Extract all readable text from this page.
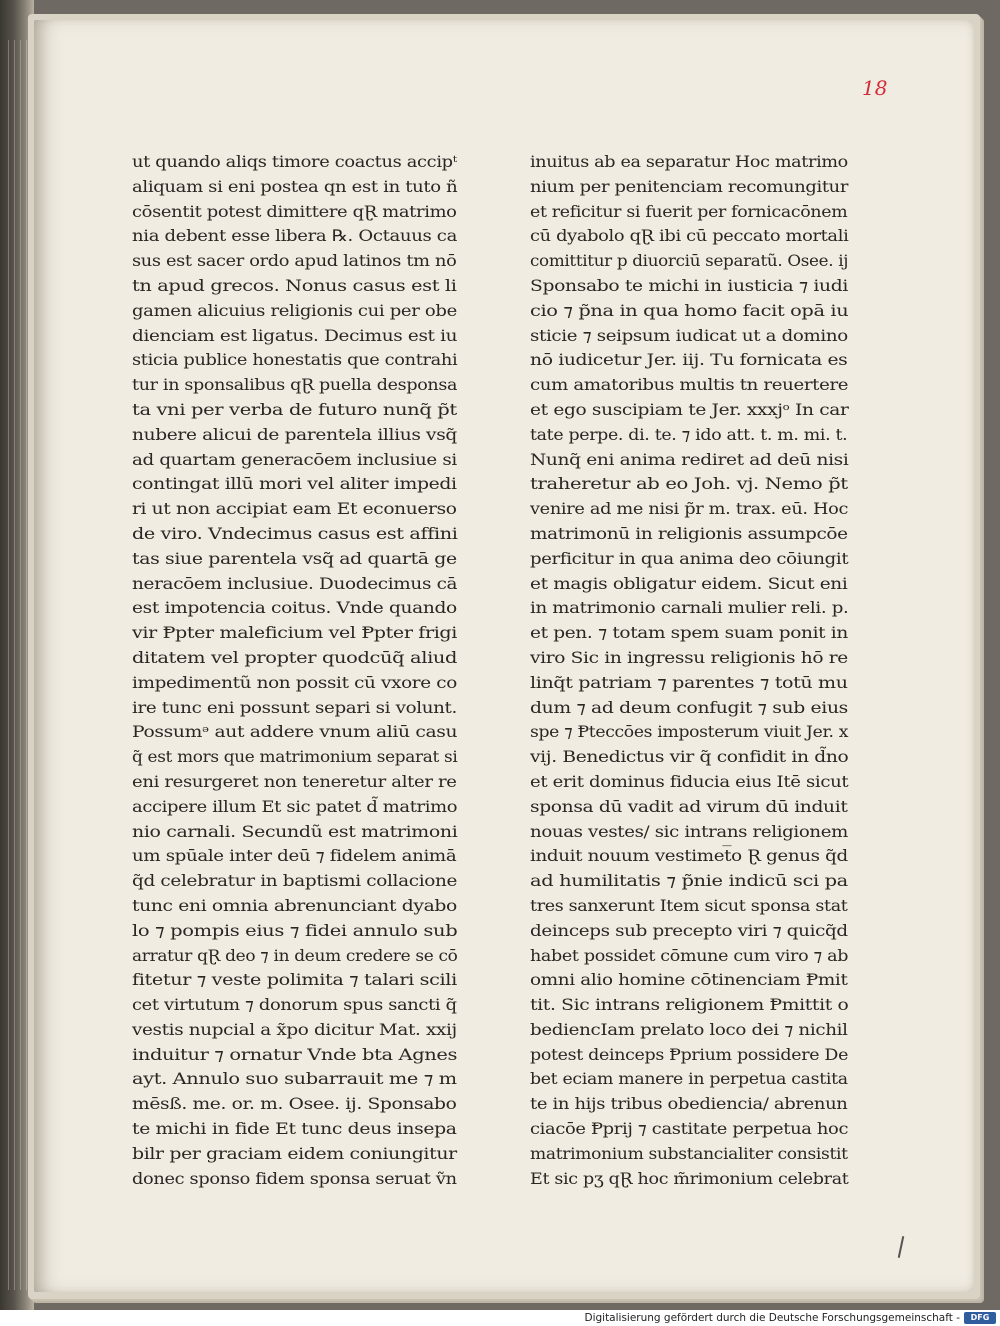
18
ut quando aliqs timore coactus accipᵗ
aliquam si eni postea qn est in tuto ñ
cōsentit potest dimittere qⱤ matrimo
nia debent esse libera ℞. Octauus ca
sus est sacer ordo apud latinos tm nō
tn apud grecos. Nonus casus est li
gamen alicuius religionis cui per obe
dienciam est ligatus. Decimus est iu
sticia publice honestatis que contrahi
tur in sponsalibus qⱤ puella desponsa
ta vni per verba de futuro nunq̃ p̃t
nubere alicui de parentela illius vsq̃
ad quartam generacōem inclusiue si
contingat illū mori vel aliter impedi
ri ut non accipiat eam Et econuerso
de viro. Vndecimus casus est affini
tas siue parentela vsq̃ ad quartā ge
neracōem inclusiue. Duodecimus cā
est impotencia coitus. Vnde quando
vir Ᵽpter maleficium vel Ᵽpter frigi
ditatem vel propter quodcūq̃ aliud
impedimentũ non possit cū vxore co
ire tunc eni possunt separi si volunt.
Possumᵊ aut addere vnum aliū casu
q̃ est mors que matrimonium separat si
eni resurgeret non teneretur alter re
accipere illum Et sic patet d̃ matrimo
nio carnali. Secundũ est matrimoni
um spūale inter deū ⁊ fidelem animā
q̃d celebratur in baptismi collacione
tunc eni omnia abrenunciant dyabo
lo ⁊ pompis eius ⁊ fidei annulo sub
arratur qⱤ deo ⁊ in deum credere se cō
fitetur ⁊ veste polimita ⁊ talari scili
cet virtutum ⁊ donorum spus sancti q̃
vestis nupcial a x̃po dicitur Mat. xxij
induitur ⁊ ornatur Vnde bta Agnes
ayt. Annulo suo subarrauit me ⁊ m
mēsß. me. or. m. Osee. ij. Sponsabo
te michi in fide Et tunc deus insepa
bilr per graciam eidem coniungitur
donec sponso fidem sponsa seruat ṽn
inuitus ab ea separatur Hoc matrimo
nium per penitenciam recomungitur
et reficitur si fuerit per fornicacōnem
cū dyabolo qⱤ ibi cū peccato mortali
comittitur p diuorciū separatũ. Osee. ij
Sponsabo te michi in iusticia ⁊ iudi
cio ⁊ p̃na in qua homo facit opā iu
sticie ⁊ seipsum iudicat ut a domino
nō iudicetur Jer. iij. Tu fornicata es
cum amatoribus multis tn reuertere
et ego suscipiam te Jer. xxxjᵒ In car
tate perpe. di. te. ⁊ ido att. t. m. mi. t.
Nunq̃ eni anima rediret ad deū nisi
traheretur ab eo Joh. vj. Nemo p̃t
venire ad me nisi p̃r m. trax. eū. Hoc
matrimonū in religionis assumpcōe
perficitur in qua anima deo cōiungit
et magis obligatur eidem. Sicut eni
in matrimonio carnali mulier reli. p.
et pen. ⁊ totam spem suam ponit in
viro Sic in ingressu religionis hō re
linq̃t patriam ⁊ parentes ⁊ totū mu
dum ⁊ ad deum confugit ⁊ sub eius
spe ⁊ Ᵽteccōes imposterum viuit Jer. x
vij. Benedictus vir q̃ confidit in d̃no
et erit dominus fiducia eius Itē sicut
sponsa dū vadit ad virum dū induit
nouas vestes/ sic intrans religionem
induit nouum vestimet̅o Ɽ genus q̃d
ad humilitatis ⁊ p̃nie indicū sci pa
tres sanxerunt Item sicut sponsa stat
deinceps sub precepto viri ⁊ quicq̃d
habet possidet cōmune cum viro ⁊ ab
omni alio homine cōtinenciam Ᵽmit
tit. Sic intrans religionem Ᵽmittit o
bediencIam prelato loco dei ⁊ nichil
potest deinceps Ᵽprium possidere De
bet eciam manere in perpetua castita
te in hijs tribus obediencia/ abrenun
ciacōe Ᵽprij ⁊ castitate perpetua hoc
matrimonium substancialiter consistit
Et sic pʒ qⱤ hoc m̃rimonium celebrat
Digitalisierung gefördert durch die Deutsche Forschungsgemeinschaft -	DFG
